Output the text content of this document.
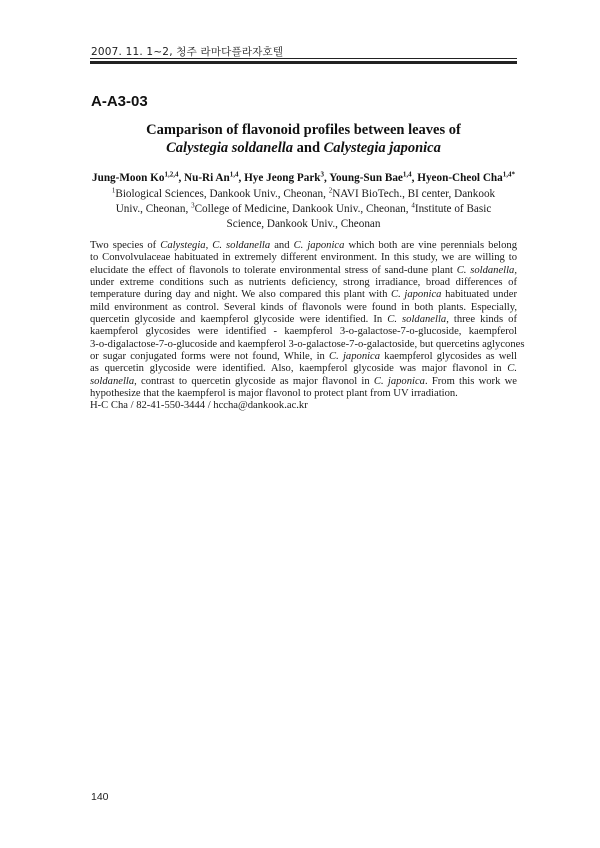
2007. 11. 1~2, 청주 라마다플라자호텔
A-A3-03
Camparison of flavonoid profiles between leaves of
Calystegia soldanella and Calystegia japonica
Jung-Moon Ko$^{1,2,4}$, Nu-Ri An$^{1,4}$, Hye Jeong Park$^3$, Young-Sun Bae$^{1,4}$, Hyeon-Cheol Cha$^{1,4*}$
$^1$Biological Sciences, Dankook Univ., Cheonan, $^2$NAVI BioTech., BI center, Dankook
Univ., Cheonan, $^3$College of Medicine, Dankook Univ., Cheonan, $^4$Institute of Basic
Science, Dankook Univ., Cheonan
Two species of Calystegia, C. soldanella and C. japonica which both are vine perennials belong
to Convolvulaceae habituated in extremely different environment. In this study, we are willing to
elucidate the effect of flavonols to tolerate environmental stress of sand-dune plant C. soldanella,
under extreme conditions such as nutrients deficiency, strong irradiance, broad differences of
temperature during day and night. We also compared this plant with C. japonica habituated under
mild environment as control. Several kinds of flavonols were found in both plants. Especially,
quercetin glycoside and kaempferol glycoside were identified. In C. soldanella, three kinds of
kaempferol glycosides were identified - kaempferol 3-o-galactose-7-o-glucoside, kaempferol
3-o-digalactose-7-o-glucoside and kaempferol 3-o-galactose-7-o-galactoside, but quercetins aglycones
or sugar conjugated forms were not found, While, in C. japonica kaempferol glycosides as well
as quercetin glycoside were identified. Also, kaempferol glycoside was major flavonol in C.
soldanella, contrast to quercetin glycoside as major flavonol in C. japonica. From this work we
hypothesize that the kaempferol is major flavonol to protect plant from UV irradiation.
H-C Cha / 82-41-550-3444 / hccha@dankook.ac.kr
140
